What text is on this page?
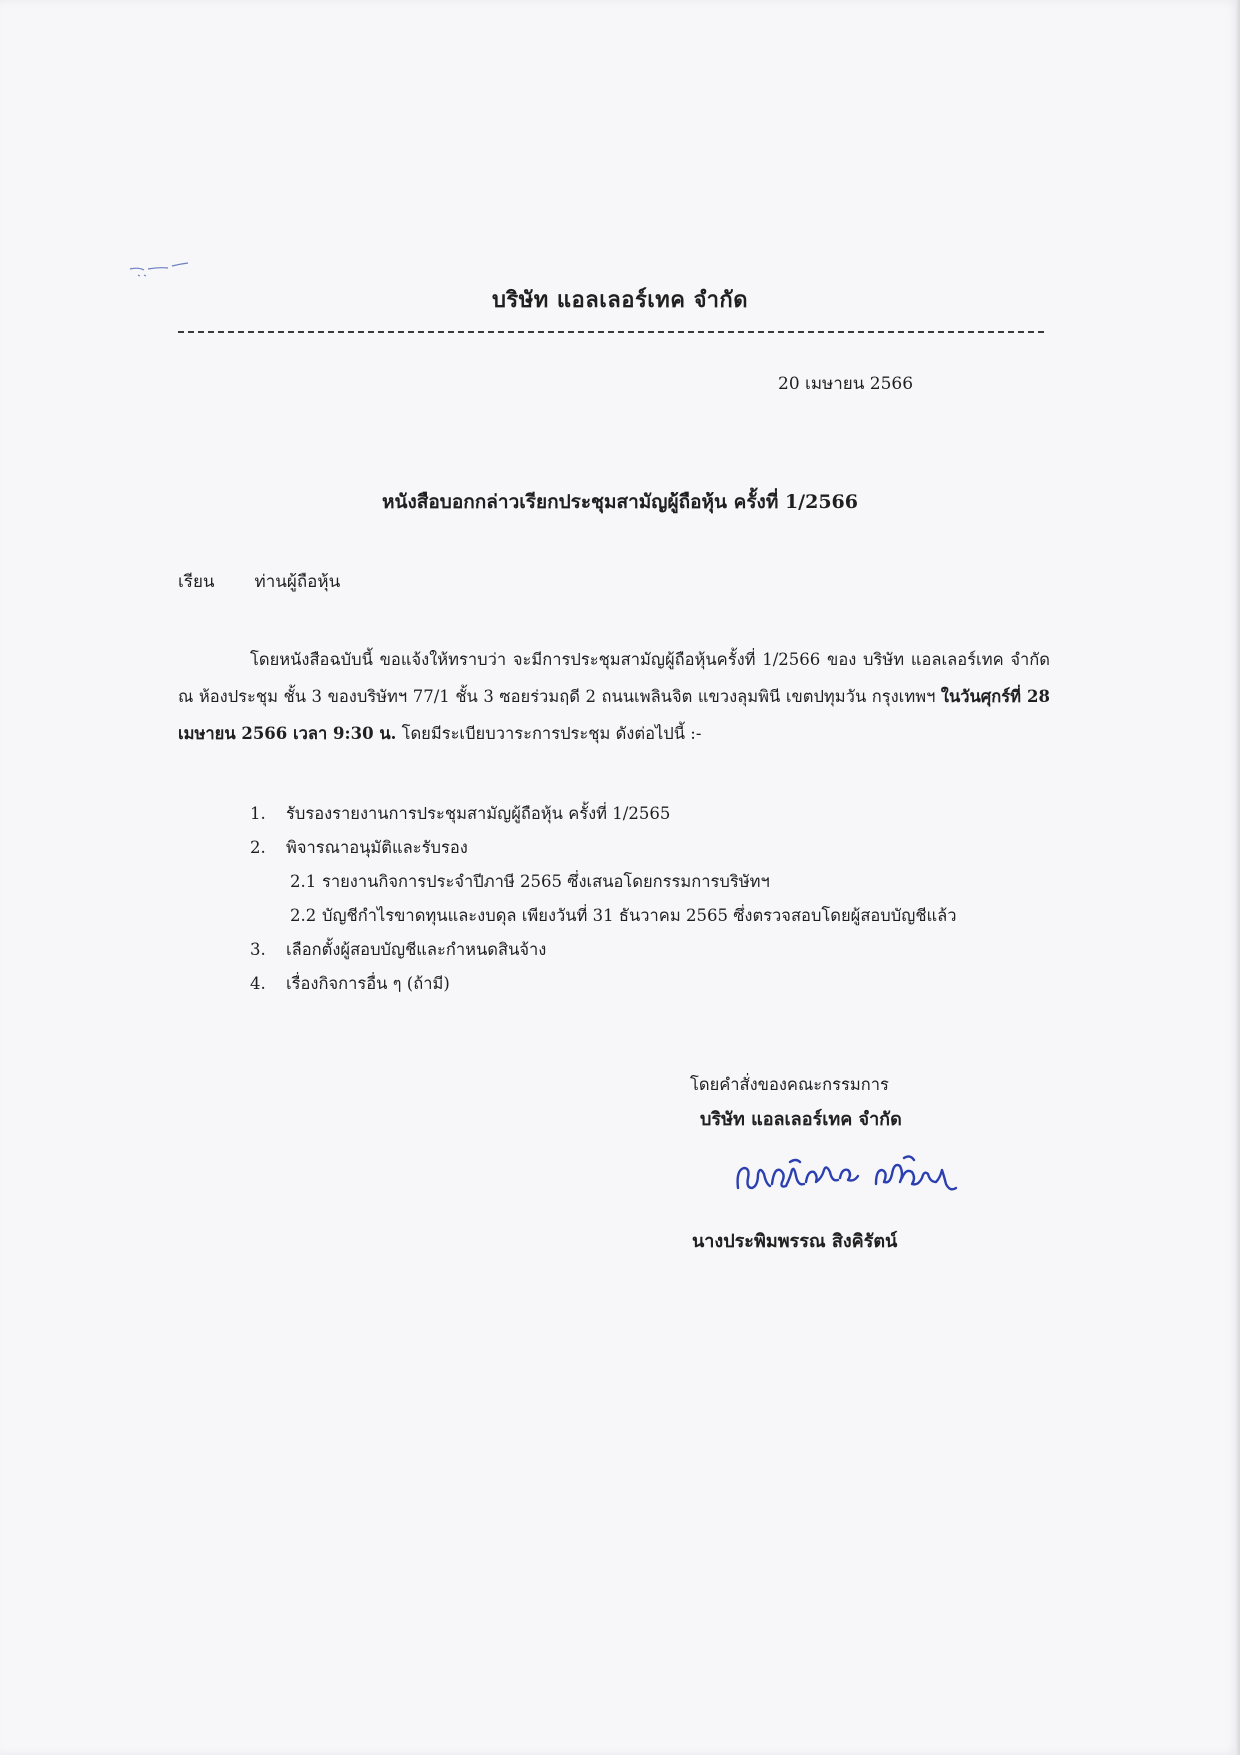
บริษัท แอลเลอร์เทค จำกัด
20 เมษายน 2566
หนังสือบอกกล่าวเรียกประชุมสามัญผู้ถือหุ้น ครั้งที่ 1/2566
เรียน ท่านผู้ถือหุ้น
โดยหนังสือฉบับนี้ ขอแจ้งให้ทราบว่า จะมีการประชุมสามัญผู้ถือหุ้นครั้งที่ 1/2566 ของ บริษัท แอลเลอร์เทค จำกัด ณ ห้องประชุม ชั้น 3 ของบริษัทฯ 77/1 ชั้น 3 ซอยร่วมฤดี 2 ถนนเพลินจิต แขวงลุมพินี เขตปทุมวัน กรุงเทพฯ ในวันศุกร์ที่ 28 เมษายน 2566 เวลา 9:30 น. โดยมีระเบียบวาระการประชุม ดังต่อไปนี้ :-
1. รับรองรายงานการประชุมสามัญผู้ถือหุ้น ครั้งที่ 1/2565
2. พิจารณาอนุมัติและรับรอง
2.1 รายงานกิจการประจำปีภาษี 2565 ซึ่งเสนอโดยกรรมการบริษัทฯ
2.2 บัญชีกำไรขาดทุนและงบดุล เพียงวันที่ 31 ธันวาคม 2565 ซึ่งตรวจสอบโดยผู้สอบบัญชีแล้ว
3. เลือกตั้งผู้สอบบัญชีและกำหนดสินจ้าง
4. เรื่องกิจการอื่น ๆ (ถ้ามี)
โดยคำสั่งของคณะกรรมการ
บริษัท แอลเลอร์เทค จำกัด
นางประพิมพรรณ สิงคิรัตน์
